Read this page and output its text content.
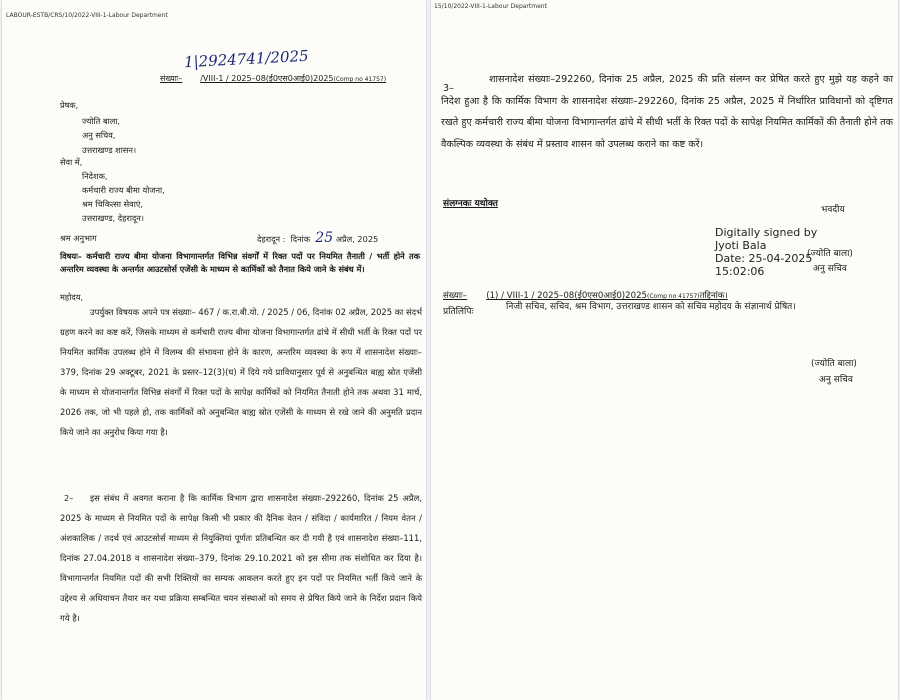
LABOUR-ESTB/CRS/10/2022-VIII-1-Labour Department
1|2924741/2025
संख्याः– /VIII-1 / 2025–08(ई0एस0आई0)2025(Comp no 41757)
प्रेषक,
ज्योति बाला,
अनु सचिव,
उत्तराखण्ड शासन।
सेवा में,
निदेशक,
कर्मचारी राज्य बीमा योजना,
श्रम चिकित्सा सेवाएं,
उत्तराखण्ड, देहरादून।
श्रम अनुभाग	देहरादून : दिनांक 25 अप्रैल, 2025
विषयः– कर्मचारी राज्य बीमा योजना विभागान्तर्गत विभिन्न संवर्गों में रिक्त पदों पर नियमित तैनाती / भर्ती होने तक अन्तरिम व्यवस्था के अन्तर्गत आउटसोर्स एजेंसी के माध्यम से कार्मिकों को तैनात किये जाने के संबंध में।
महोदय,
उपर्युक्त विषयक अपने पत्र संख्याः– 467 / क.रा.बी.यो. / 2025 / 06, दिनांक 02 अप्रैल, 2025 का संदर्भ ग्रहण करने का कष्ट करें, जिसके माध्यम से कर्मचारी राज्य बीमा योजना विभागान्तर्गत ढांचे में सीधी भर्ती के रिक्त पदों पर नियमित कार्मिक उपलब्ध होने में विलम्ब की संभावना होने के कारण, अन्तरिम व्यवस्था के रूप में शासनादेश संख्याः–379, दिनांक 29 अक्टूबर, 2021 के प्रस्तर–12(3)(घ) में दिये गये प्राविधानुसार पूर्व से अनुबन्धित बाह्य स्रोत एजेंसी के माध्यम से योजनान्तर्गत विभिन्न संवर्गों में रिक्त पदों के सापेक्ष कार्मिकों को नियमित तैनाती होने तक अथवा 31 मार्च, 2026 तक, जो भी पहले हो, तक कार्मिकों को अनुबन्धित बाह्य स्रोत एजेंसी के माध्यम से रखे जाने की अनुमति प्रदान किये जाने का अनुरोध किया गया है।
2–	इस संबंध में अवगत कराना है कि कार्मिक विभाग द्वारा शासनादेश संख्याः–292260, दिनांक 25 अप्रैल, 2025 के माध्यम से नियमित पदों के सापेक्ष किसी भी प्रकार की दैनिक वेतन / संविदा / कार्यमारित / नियम वेतन / अंशकालिक / तदर्थ एवं आउटसोर्स माध्यम से नियुक्तियां पूर्णतः प्रतिबन्धित कर दी गयी है एवं शासनादेश संख्या–111, दिनांक 27.04.2018 व शासनादेश संख्या–379, दिनांक 29.10.2021 को इस सीमा तक संशोधित कर दिया है। विभागान्तर्गत नियमित पदों की सभी रिक्तियों का सम्यक आकलन करते हुए इन पदों पर नियमित भर्ती किये जाने के उद्देश्य से अधियाचन तैयार कर यथा प्रक्रिया सम्बन्धित चयन संस्थाओं को समय से प्रेषित किये जाने के निर्देश प्रदान किये गये है।
15/10/2022-VIII-1-Labour Department
3–
शासनादेश संख्याः–292260, दिनांक 25 अप्रैल, 2025 की प्रति संलग्न कर प्रेषित करते हुए मुझे यह कहने का निदेश हुआ है कि कार्मिक विभाग के शासनादेश संख्याः–292260, दिनांक 25 अप्रैल, 2025 में निर्धारित प्राविधानों को दृष्टिगत रखते हुए कर्मचारी राज्य बीमा योजना विभागान्तर्गत ढांचे में सीधी भर्ती के रिक्त पदों के सापेक्ष नियमित कार्मिकों की तैनाती होने तक वैकल्पिक व्यवस्था के संबंध में प्रस्ताव शासन को उपलब्ध कराने का कष्ट करें।
संलग्नकः यथोक्त
भवदीय
Digitally signed by
Jyoti Bala
Date: 25-04-2025
15:02:06
(ज्योति बाला)
अनु सचिव
संख्याः– (1) / VIII-1 / 2025–08(ई0एस0आई0)2025(Comp no 41757)तद्दिनांक।
प्रतिलिपिः	निजी सचिव, सचिव, श्रम विभाग, उत्तराखण्ड शासन को सचिव महोदय के संज्ञानार्थ प्रेषित।
(ज्योति बाला)
अनु सचिव
